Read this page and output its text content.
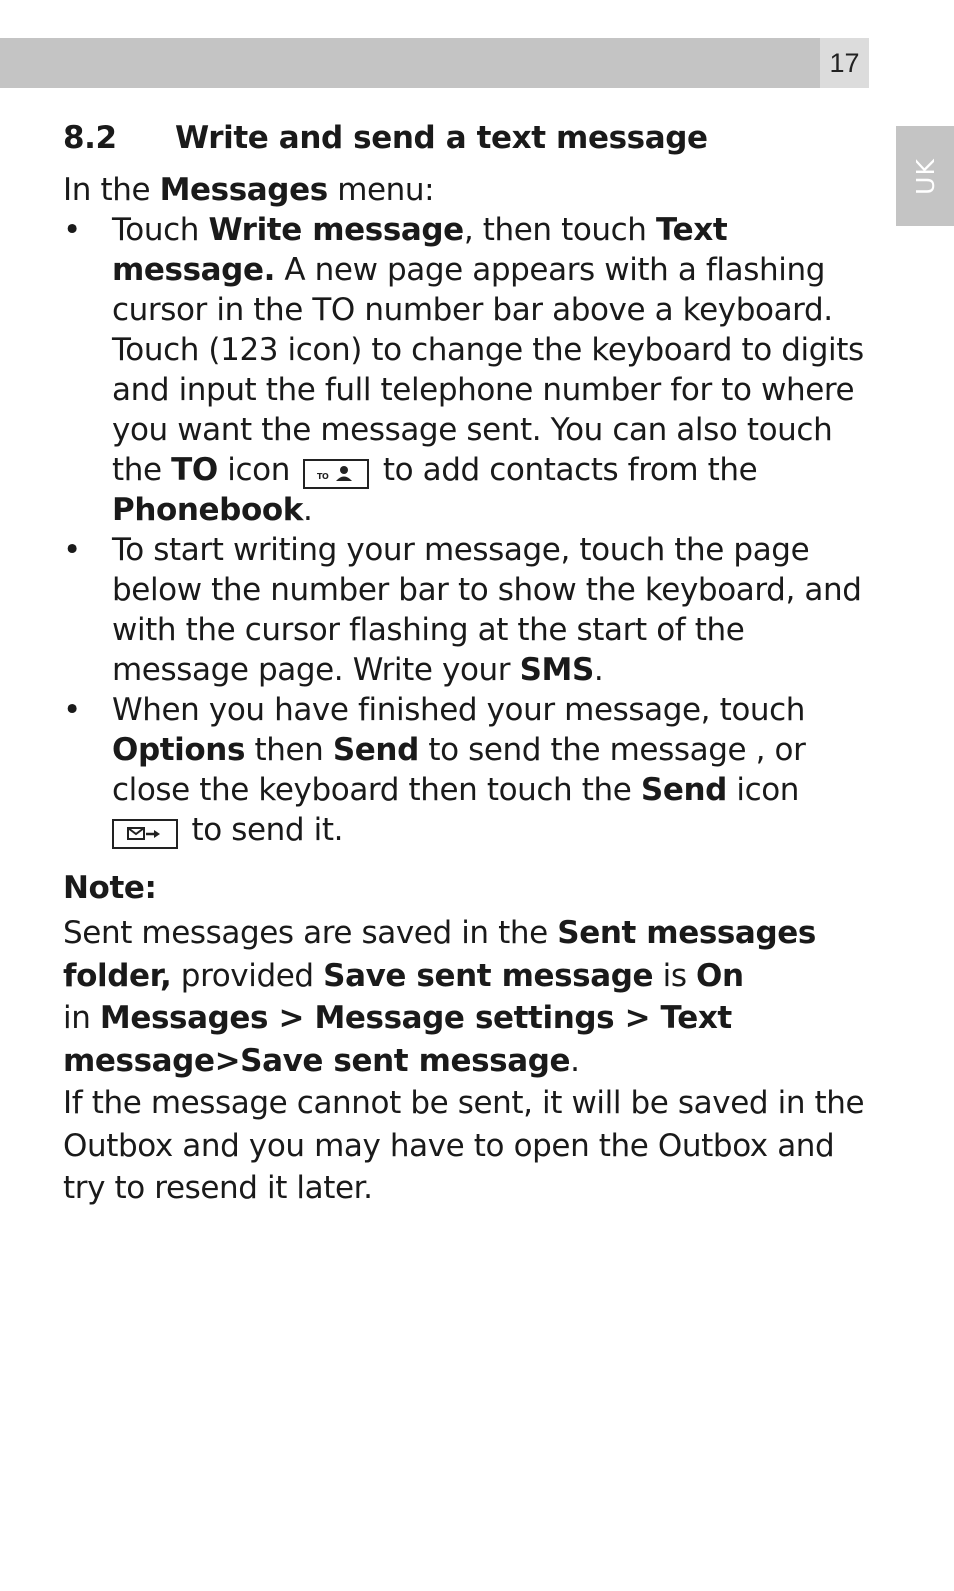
17
UK
8.2 Write and send a text message

In the Messages menu:

• Touch Write message, then touch Text message. A new page appears with a flashing cursor in the TO number bar above a keyboard. Touch (123 icon) to change the keyboard to digits and input the full telephone number for to where you want the message sent. You can also touch the TO icon TO to add contacts from the Phonebook.
• To start writing your message, touch the page below the number bar to show the keyboard, and with the cursor flashing at the start of the message page. Write your SMS.
• When you have finished your message, touch Options then Send to send the message , or close the keyboard then touch the Send icon

to send it.
Note:

Sent messages are saved in the Sent messages folder, provided Save sent message is On
in Messages > Message settings > Text message>Save sent message.

If the message cannot be sent, it will be saved in the Outbox and you may have to open the Outbox and try to resend it later.
